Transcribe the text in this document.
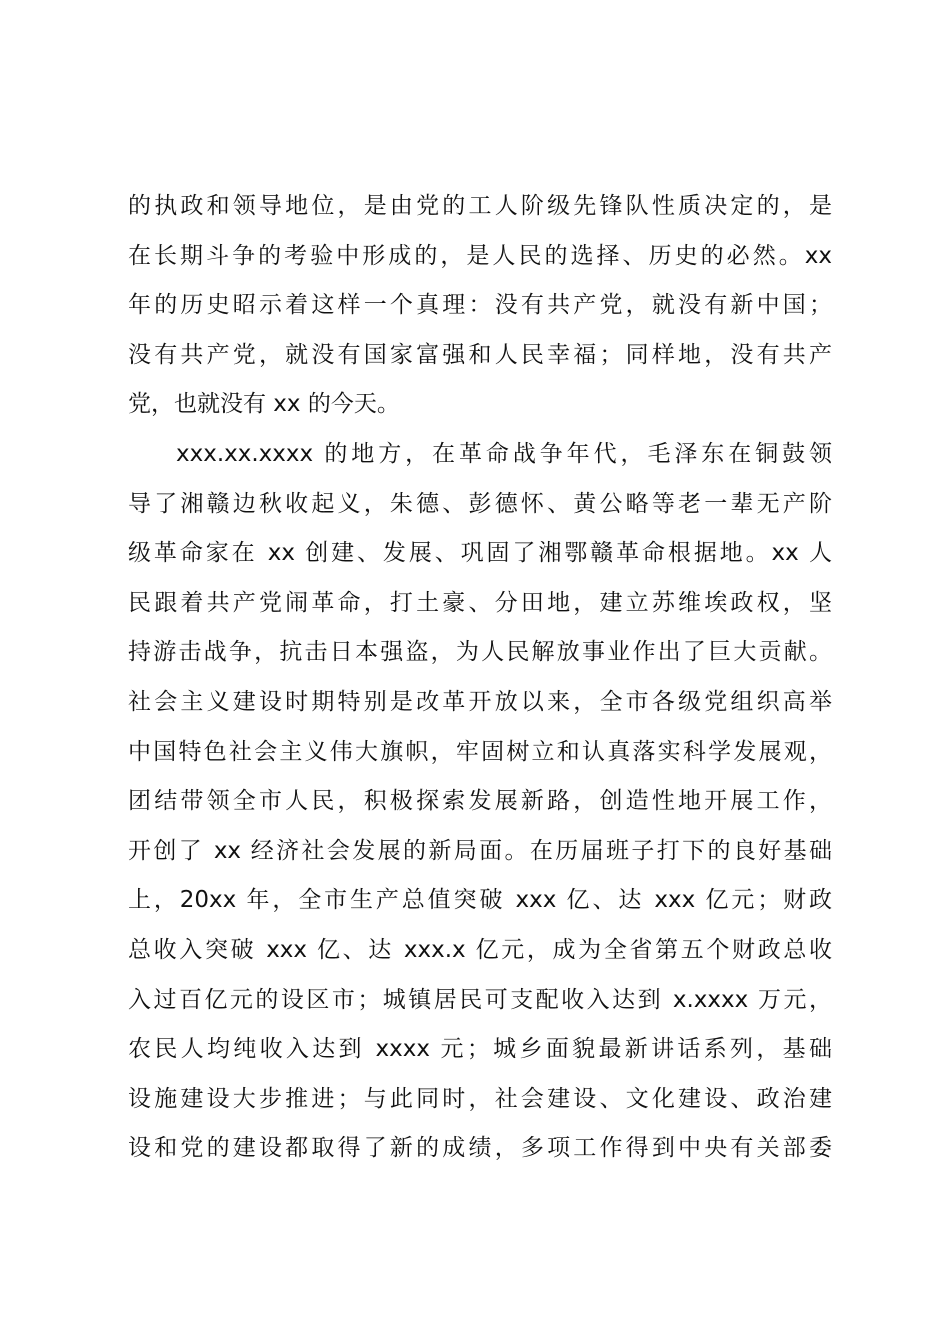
的执政和领导地位，是由党的工人阶级先锋队性质决定的，是
在长期斗争的考验中形成的，是人民的选择、历史的必然。xx
年的历史昭示着这样一个真理：没有共产党，就没有新中国；
没有共产党，就没有国家富强和人民幸福；同样地，没有共产
党，也就没有 xx 的今天。
xxx.xx.xxxx 的地方，在革命战争年代，毛泽东在铜鼓领
导了湘赣边秋收起义，朱德、彭德怀、黄公略等老一辈无产阶
级革命家在 xx 创建、发展、巩固了湘鄂赣革命根据地。xx 人
民跟着共产党闹革命，打土豪、分田地，建立苏维埃政权，坚
持游击战争，抗击日本强盗，为人民解放事业作出了巨大贡献。
社会主义建设时期特别是改革开放以来，全市各级党组织高举
中国特色社会主义伟大旗帜，牢固树立和认真落实科学发展观，
团结带领全市人民，积极探索发展新路，创造性地开展工作，
开创了 xx 经济社会发展的新局面。在历届班子打下的良好基础
上，20xx 年，全市生产总值突破 xxx 亿、达 xxx 亿元；财政
总收入突破 xxx 亿、达 xxx.x 亿元，成为全省第五个财政总收
入过百亿元的设区市；城镇居民可支配收入达到 x.xxxx 万元，
农民人均纯收入达到 xxxx 元；城乡面貌最新讲话系列，基础
设施建设大步推进；与此同时，社会建设、文化建设、政治建
设和党的建设都取得了新的成绩，多项工作得到中央有关部委
